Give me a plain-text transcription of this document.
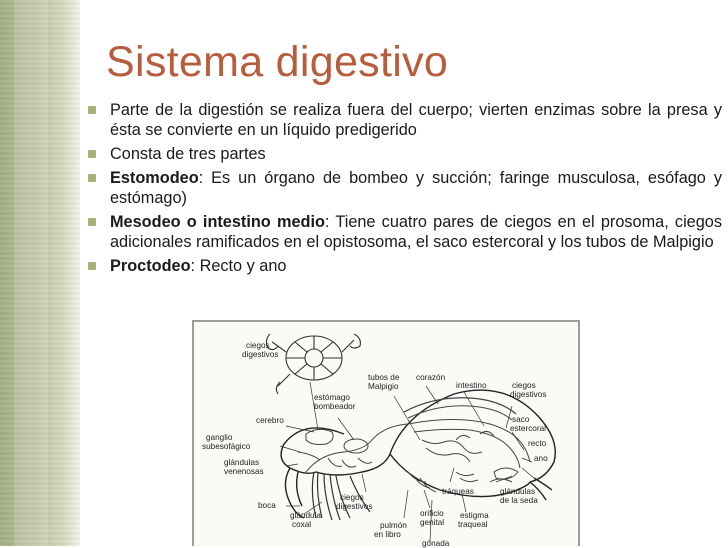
Sistema digestivo
Parte de la digestión se realiza fuera del cuerpo; vierten enzimas sobre la presa y ésta se convierte en un líquido predigerido
Consta de tres partes
Estomodeo: Es un órgano de bombeo y succión; faringe musculosa, esófago y estómago)
Mesodeo o intestino medio: Tiene cuatro pares de ciegos en el prosoma, ciegos adicionales ramificados en el opistosoma, el saco estercoral y los tubos de Malpigio
Proctodeo: Recto y ano
ciegos
digestivos
tubos de
Malpigio
corazón
intestino	ciegos
digestivos
estómago
bombeador
cerebro	saco
estercoral
ganglio
subesofágico	recto
ano
glándulas
venenosas
tráqueas	glándulas
de la seda
boca
ciegos
digestivos
glándula
coxal
orificio
genital
estigma
traqueal
pulmón
en libro
gónada
